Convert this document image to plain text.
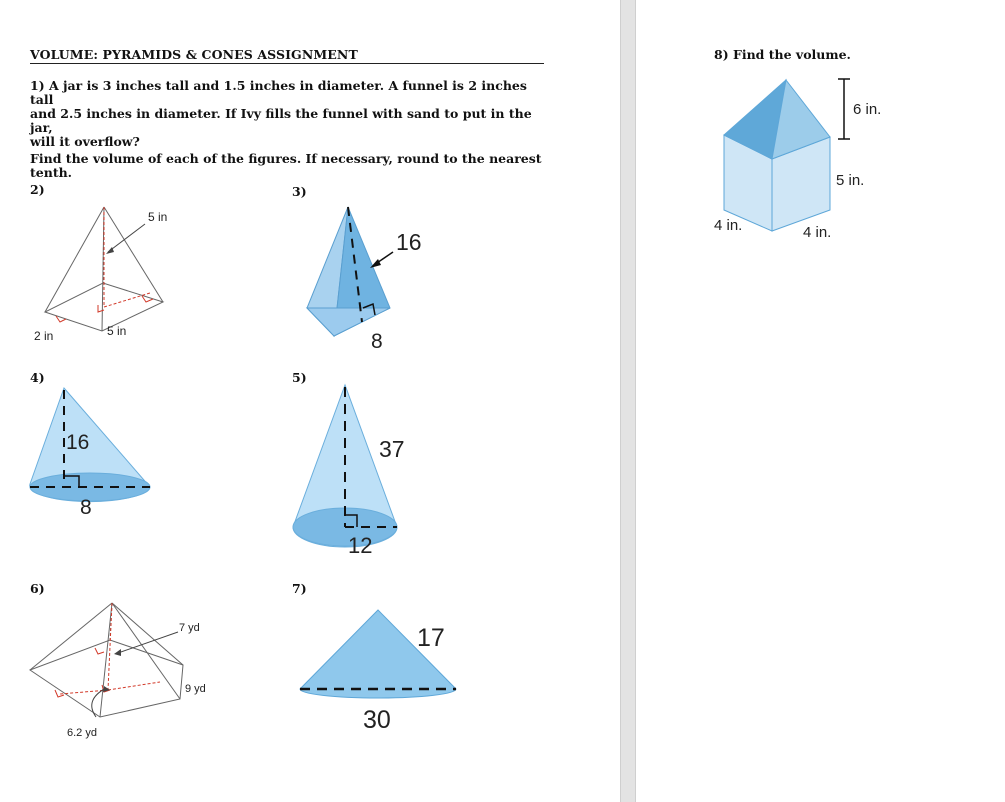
VOLUME: PYRAMIDS & CONES ASSIGNMENT
1) A jar is 3 inches tall and 1.5 inches in diameter. A funnel is 2 inches tall
and 2.5 inches in diameter. If Ivy fills the funnel with sand to put in the jar,
will it overflow?
Find the volume of each of the figures. If necessary, round to the nearest
tenth.
2)	3)
4)	5)
6)	7)
8) Find the volume.
5 in
2 in	5 in
16
8
16
8
37
12
7 yd
9 yd
6.2 yd
17
30
6 in.
5 in.
4 in.	4 in.
